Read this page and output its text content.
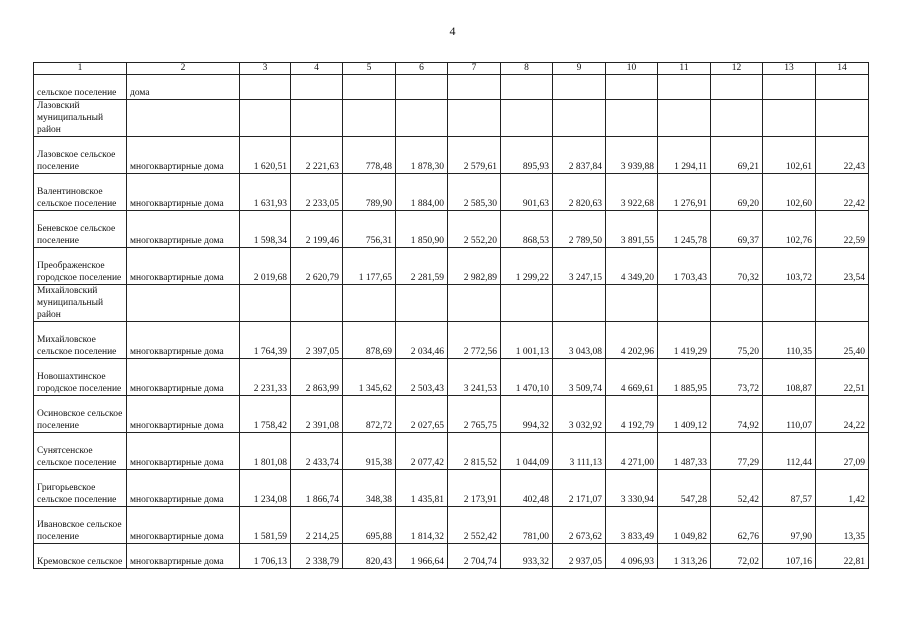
4
1	2	3	4	5	6	7	8	9	10	11	12	13	14
сельское поселение	дома												
Лазовский муниципальный район													
Лазовское сельское поселение	многоквартирные дома	1 620,51	2 221,63	778,48	1 878,30	2 579,61	895,93	2 837,84	3 939,88	1 294,11	69,21	102,61	22,43
Валентиновское сельское поселение	многоквартирные дома	1 631,93	2 233,05	789,90	1 884,00	2 585,30	901,63	2 820,63	3 922,68	1 276,91	69,20	102,60	22,42
Беневское сельское поселение	многоквартирные дома	1 598,34	2 199,46	756,31	1 850,90	2 552,20	868,53	2 789,50	3 891,55	1 245,78	69,37	102,76	22,59
Преображенское городское поселение	многоквартирные дома	2 019,68	2 620,79	1 177,65	2 281,59	2 982,89	1 299,22	3 247,15	4 349,20	1 703,43	70,32	103,72	23,54
Михайловский муниципальный район													
Михайловское сельское поселение	многоквартирные дома	1 764,39	2 397,05	878,69	2 034,46	2 772,56	1 001,13	3 043,08	4 202,96	1 419,29	75,20	110,35	25,40
Новошахтинское городское поселение	многоквартирные дома	2 231,33	2 863,99	1 345,62	2 503,43	3 241,53	1 470,10	3 509,74	4 669,61	1 885,95	73,72	108,87	22,51
Осиновское сельское поселение	многоквартирные дома	1 758,42	2 391,08	872,72	2 027,65	2 765,75	994,32	3 032,92	4 192,79	1 409,12	74,92	110,07	24,22
Сунятсенское сельское поселение	многоквартирные дома	1 801,08	2 433,74	915,38	2 077,42	2 815,52	1 044,09	3 111,13	4 271,00	1 487,33	77,29	112,44	27,09
Григорьевское сельское поселение	многоквартирные дома	1 234,08	1 866,74	348,38	1 435,81	2 173,91	402,48	2 171,07	3 330,94	547,28	52,42	87,57	1,42
Ивановское сельское поселение	многоквартирные дома	1 581,59	2 214,25	695,88	1 814,32	2 552,42	781,00	2 673,62	3 833,49	1 049,82	62,76	97,90	13,35
Кремовское сельское	многоквартирные дома	1 706,13	2 338,79	820,43	1 966,64	2 704,74	933,32	2 937,05	4 096,93	1 313,26	72,02	107,16	22,81
